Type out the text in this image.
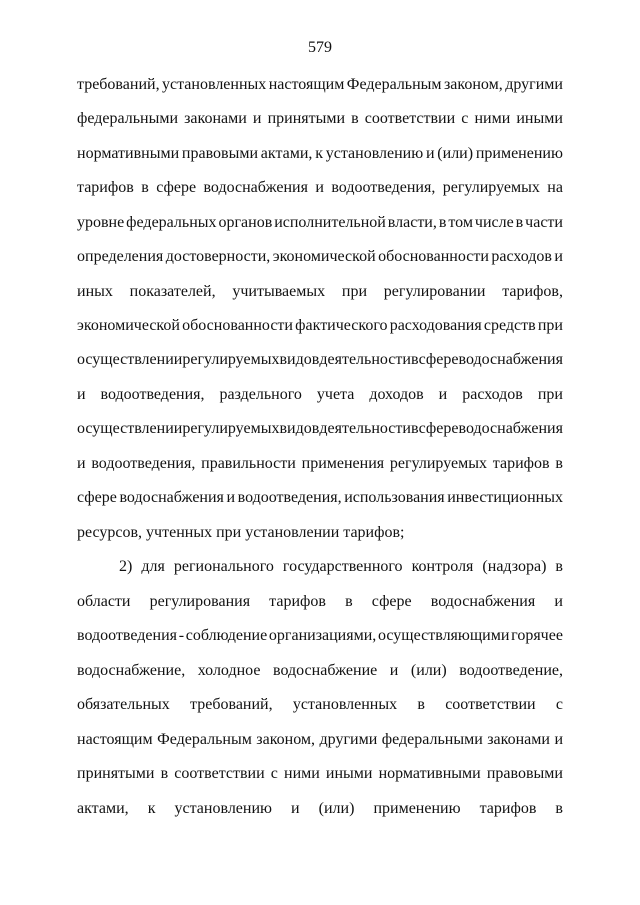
579
требований, установленных настоящим Федеральным законом, другими
федеральными законами и принятыми в соответствии с ними иными
нормативными правовыми актами, к установлению и (или) применению
тарифов в сфере водоснабжения и водоотведения, регулируемых на
уровне федеральных органов исполнительной власти, в том числе в части
определения достоверности, экономической обоснованности расходов и
иных показателей, учитываемых при регулировании тарифов,
экономической обоснованности фактического расходования средств при
осуществлении регулируемых видов деятельности в сфере водоснабжения
и водоотведения, раздельного учета доходов и расходов при
осуществлении регулируемых видов деятельности в сфере водоснабжения
и водоотведения, правильности применения регулируемых тарифов в
сфере водоснабжения и водоотведения, использования инвестиционных
ресурсов, учтенных при установлении тарифов;
2) для регионального государственного контроля (надзора) в
области регулирования тарифов в сфере водоснабжения и
водоотведения - соблюдение организациями, осуществляющими горячее
водоснабжение, холодное водоснабжение и (или) водоотведение,
обязательных требований, установленных в соответствии с
настоящим Федеральным законом, другими федеральными законами и
принятыми в соответствии с ними иными нормативными правовыми
актами, к установлению и (или) применению тарифов в
